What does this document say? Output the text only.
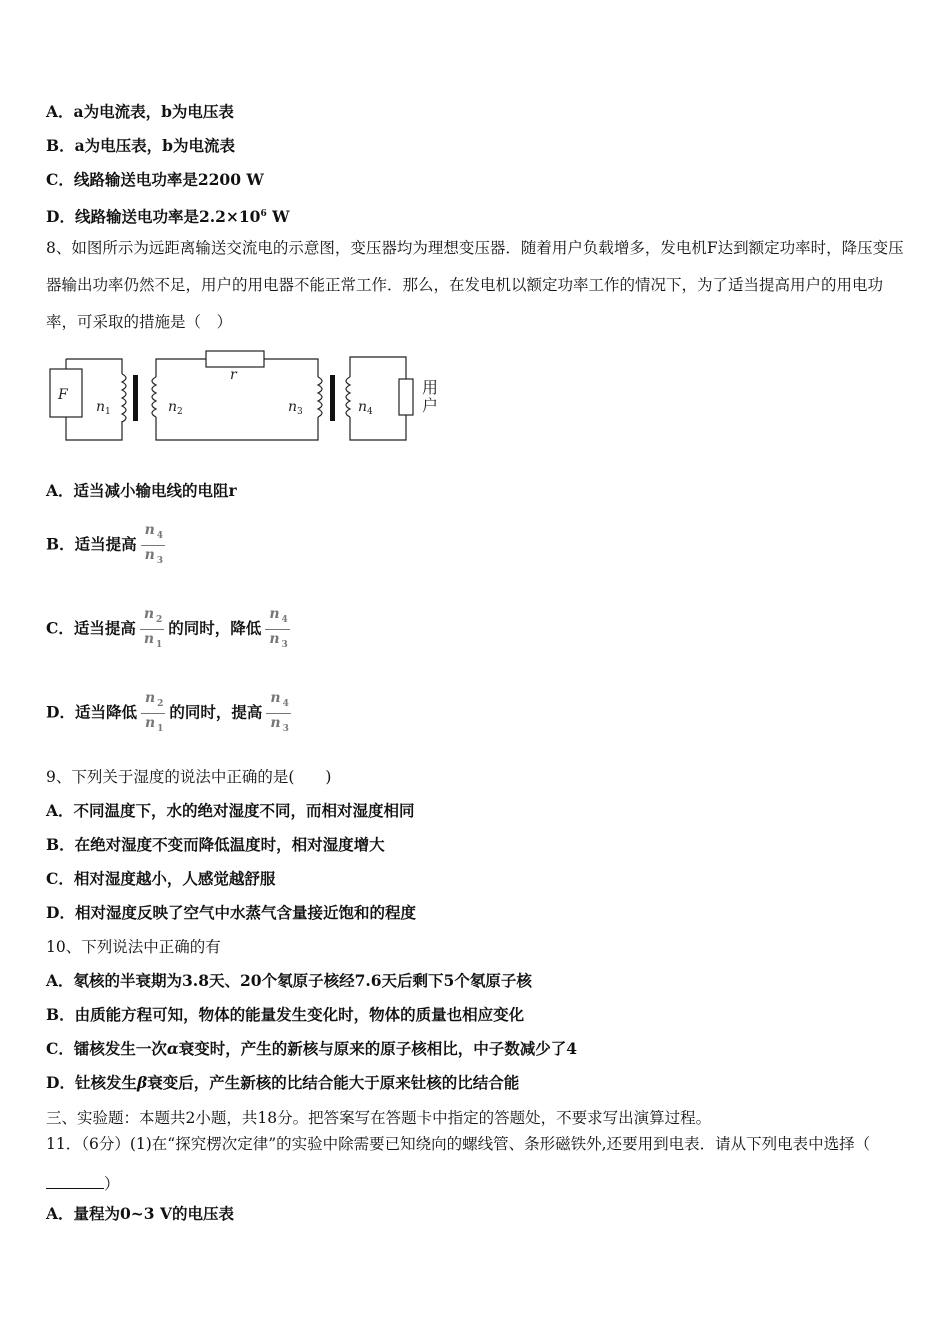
A．a为电流表，b为电压表
B．a为电压表，b为电流表
C．线路输送电功率是2200 W
D．线路输送电功率是$2.2\times 10^6$ W
8、如图所示为远距离输送交流电的示意图，变压器均为理想变压器．随着用户负载增多，发电机F达到额定功率时，降压变压器输出功率仍然不足，用户的用电器不能正常工作．那么，在发电机以额定功率工作的情况下，为了适当提高用户的用电功率，可采取的措施是（　）
F
$n_1$	$n_2$
r
$n_3$	$n_4$
用
户
A．适当减小输电线的电阻r
B．适当提高 $\frac{n _4}{n _3}$
C．适当提高 $\frac{n _2}{n _1}$ 的同时，降低 $\frac{n _4}{n _3}$
D．适当降低 $\frac{n _2}{n _1}$ 的同时，提高 $\frac{n _4}{n _3}$
9、下列关于湿度的说法中正确的是(　　)
A．不同温度下，水的绝对湿度不同，而相对湿度相同
B．在绝对湿度不变而降低温度时，相对湿度增大
C．相对湿度越小，人感觉越舒服
D．相对湿度反映了空气中水蒸气含量接近饱和的程度
10、下列说法中正确的有
A．氡核的半衰期为3.8天、20个氡原子核经7.6天后剩下5个氡原子核
B．由质能方程可知，物体的能量发生变化时，物体的质量也相应变化
C．镭核发生一次α衰变时，产生的新核与原来的原子核相比，中子数减少了4
D．钍核发生β衰变后，产生新核的比结合能大于原来钍核的比结合能
三、实验题：本题共2小题，共18分。把答案写在答题卡中指定的答题处，不要求写出演算过程。
11．（6分）(1)在“探究楞次定律”的实验中除需要已知绕向的螺线管、条形磁铁外,还要用到电表．请从下列电表中选择（）
A．量程为0~3 V的电压表
